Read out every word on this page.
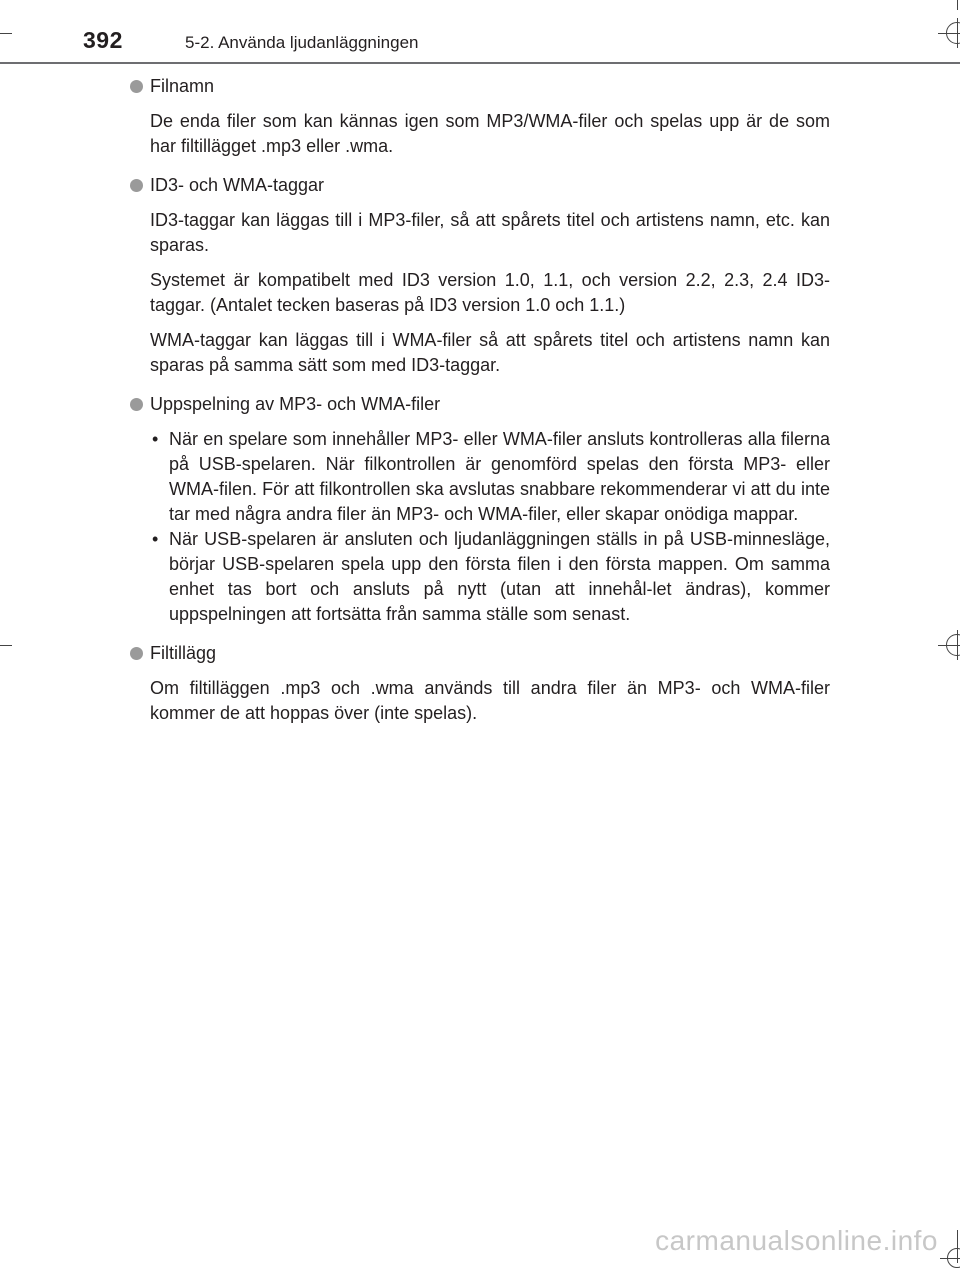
392	5-2. Använda ljudanläggningen
Filnamn

De enda filer som kan kännas igen som MP3/WMA-filer och spelas upp är de som har filtillägget .mp3 eller .wma.

ID3- och WMA-taggar

ID3-taggar kan läggas till i MP3-filer, så att spårets titel och artistens namn, etc. kan sparas.

Systemet är kompatibelt med ID3 version 1.0, 1.1, och version 2.2, 2.3, 2.4 ID3-taggar. (Antalet tecken baseras på ID3 version 1.0 och 1.1.)

WMA-taggar kan läggas till i WMA-filer så att spårets titel och artistens namn kan sparas på samma sätt som med ID3-taggar.

Uppspelning av MP3- och WMA-filer
• När en spelare som innehåller MP3- eller WMA-filer ansluts kontrolleras alla filerna på USB-spelaren. När filkontrollen är genomförd spelas den första MP3- eller WMA-filen. För att filkontrollen ska avslutas snabbare rekommenderar vi att du inte tar med några andra filer än MP3- och WMA-filer, eller skapar onödiga mappar.
• När USB-spelaren är ansluten och ljudanläggningen ställs in på USB-minnesläge, börjar USB-spelaren spela upp den första filen i den första mappen. Om samma enhet tas bort och ansluts på nytt (utan att innehål-let ändras), kommer uppspelningen att fortsätta från samma ställe som senast.
Filtillägg

Om filtilläggen .mp3 och .wma används till andra filer än MP3- och WMA-filer kommer de att hoppas över (inte spelas).

carmanualsonline.info
